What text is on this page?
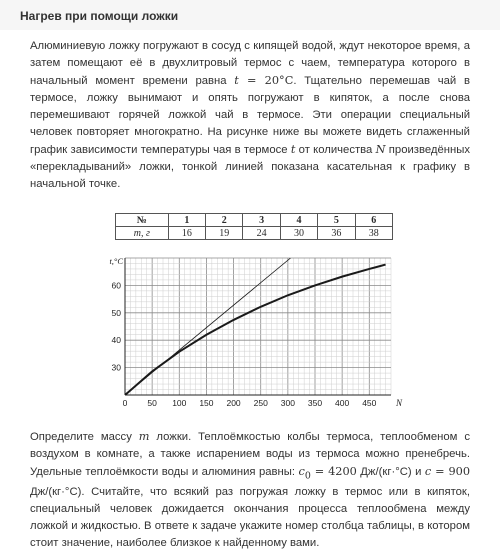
Нагрев при помощи ложки
Алюминиевую ложку погружают в сосуд с кипящей водой, ждут некоторое время, а затем помещают её в двухлитровый термос с чаем, температура которого в начальный момент времени равна t = 20°C. Тщательно перемешав чай в термосе, ложку вынимают и опять погружают в кипяток, а после снова перемешивают горячей ложкой чай в термосе. Эти операции специальный человек повторяет многократно. На рисунке ниже вы можете видеть сглаженный график зависимости температуры чая в термосе t от количества N произведённых «перекладываний» ложки, тонкой линией показана касательная к графику в начальной точке.
№	1	2	3	4	5	6
m, г	16	19	24	30	36	38
0 50 100 150 200 250 300 350 400 450
30
40
50
60
t,°C
N
Определите массу m ложки. Теплоёмкостью колбы термоса, теплообменом с воздухом в комнате, а также испарением воды из термоса можно пренебречь. Удельные теплоёмкости воды и алюминия равны: $c_0 = 4200$ Дж/(кг·°С) и c = 900 Дж/(кг·°С). Считайте, что всякий раз погружая ложку в термос или в кипяток, специальный человек дожидается окончания процесса теплообмена между ложкой и жидкостью. В ответе к задаче укажите номер столбца таблицы, в котором стоит значение, наиболее близкое к найденному вами.
